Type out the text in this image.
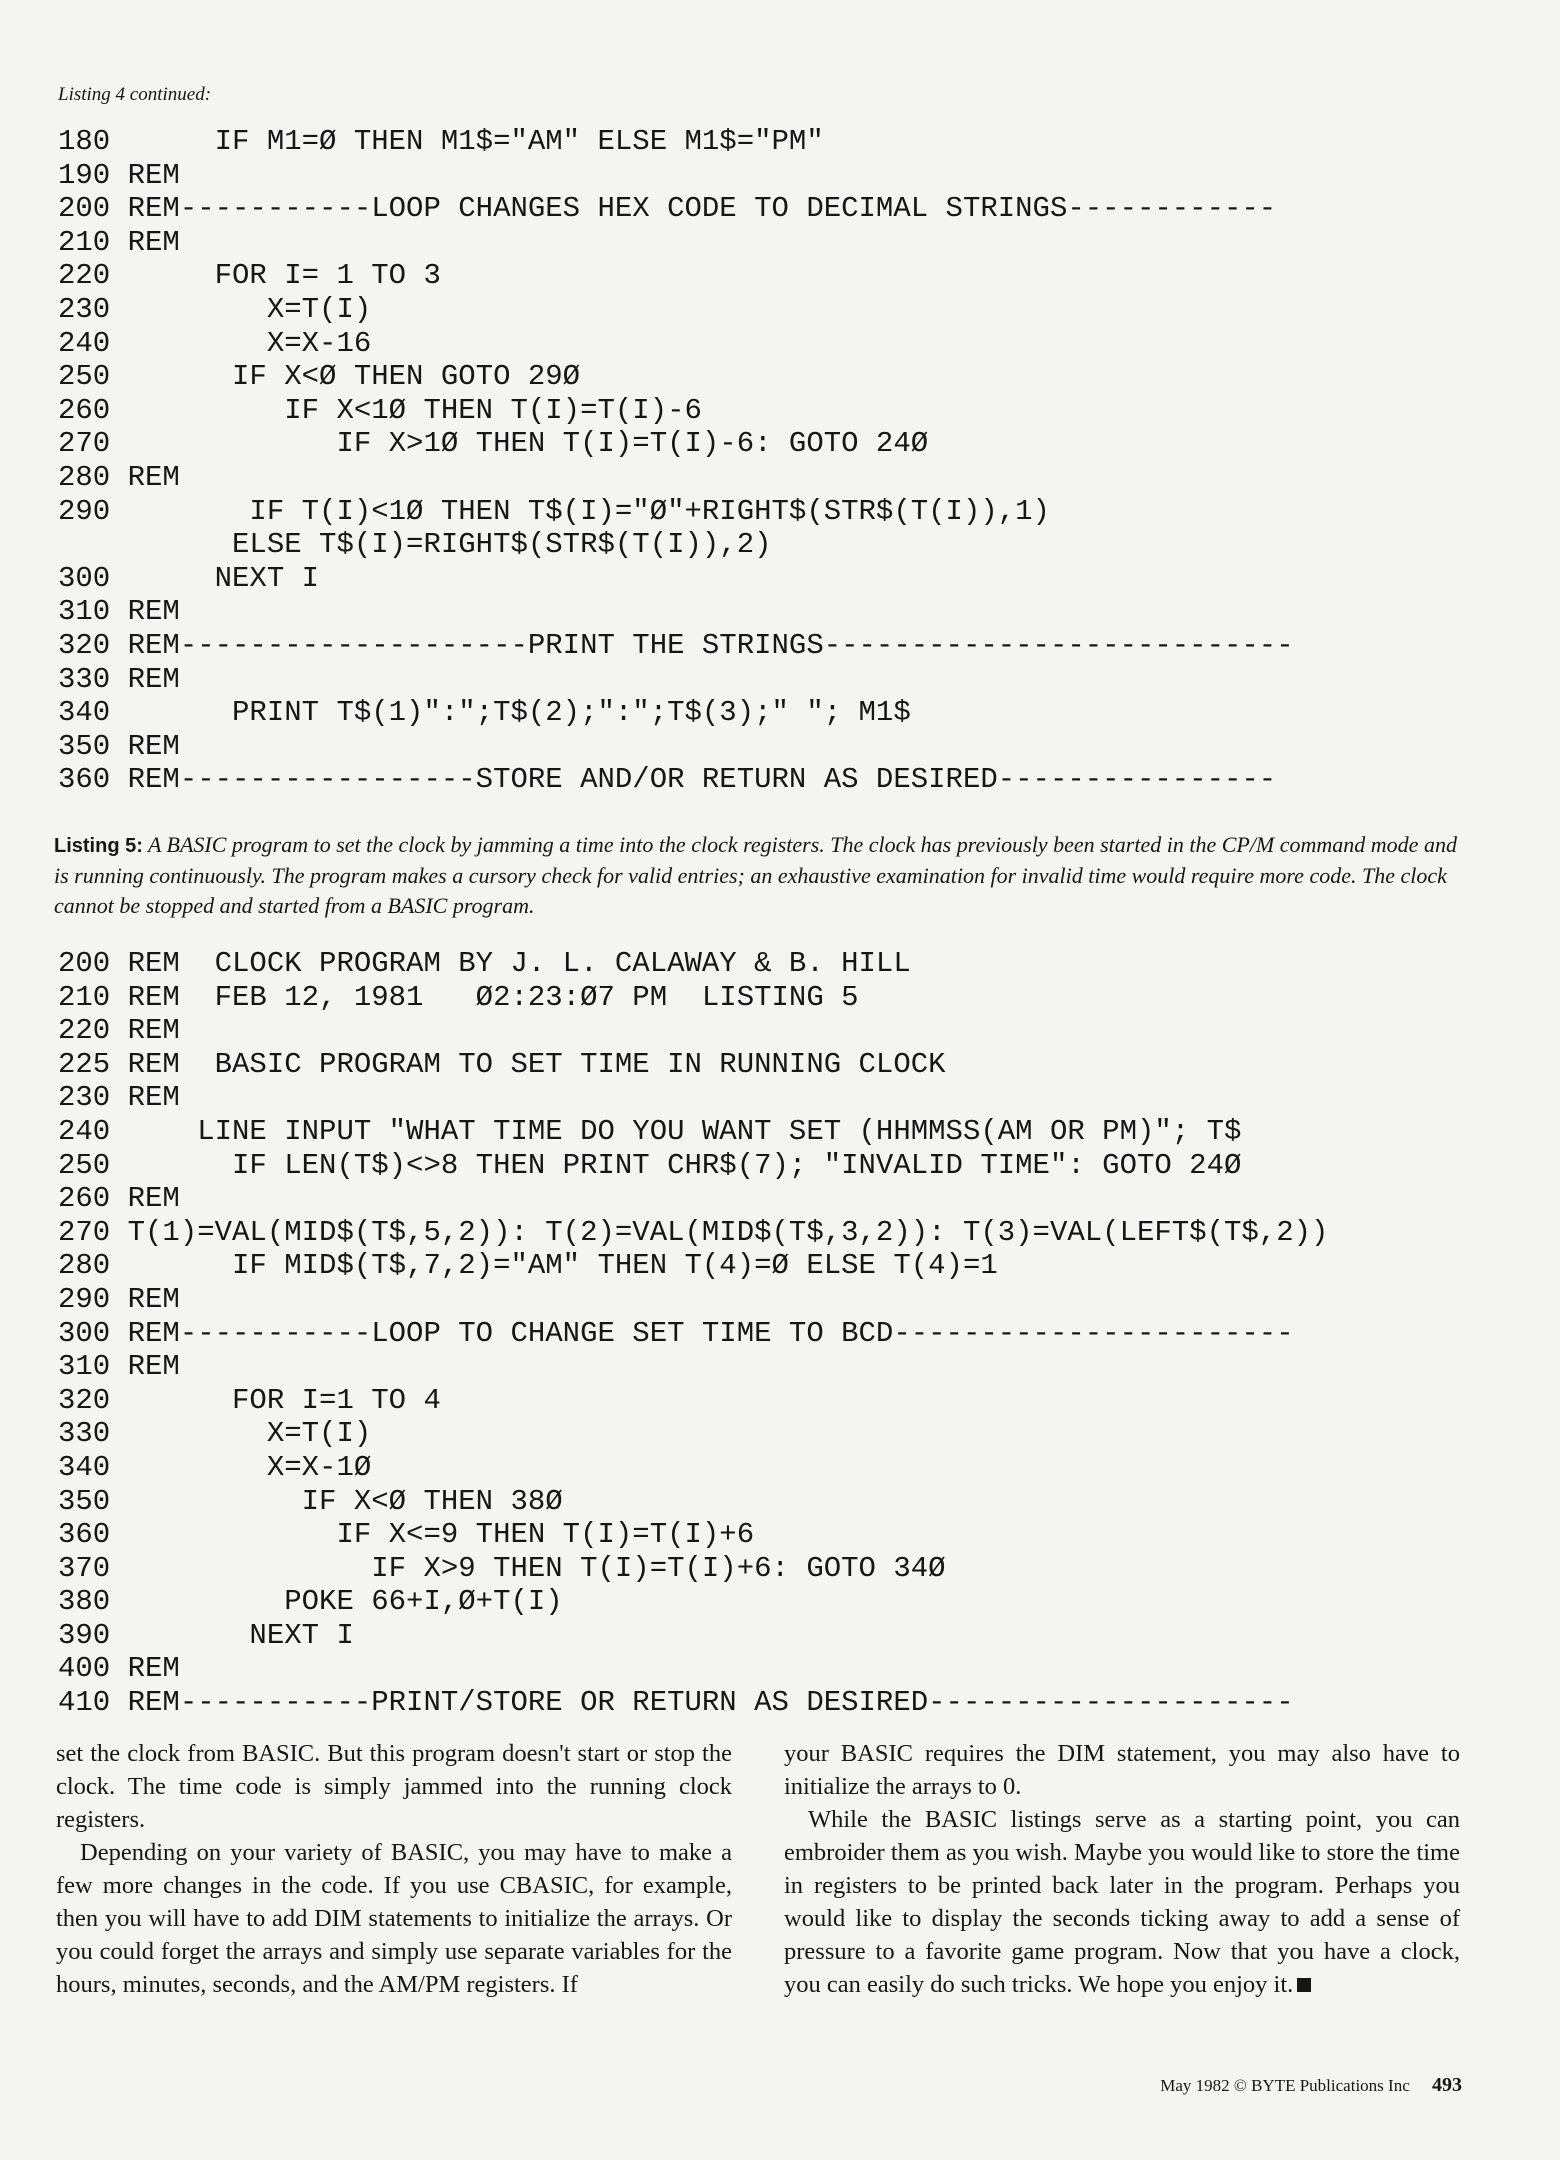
Listing 4 continued:
180      IF M1=Ø THEN M1$="AM" ELSE M1$="PM"
190 REM
200 REM-----------LOOP CHANGES HEX CODE TO DECIMAL STRINGS------------
210 REM
220      FOR I= 1 TO 3
230         X=T(I)
240         X=X-16
250       IF X<Ø THEN GOTO 29Ø
260          IF X<1Ø THEN T(I)=T(I)-6
270             IF X>1Ø THEN T(I)=T(I)-6: GOTO 24Ø
280 REM
290        IF T(I)<1Ø THEN T$(I)="Ø"+RIGHT$(STR$(T(I)),1)
ELSE T$(I)=RIGHT$(STR$(T(I)),2)
300      NEXT I
310 REM
320 REM--------------------PRINT THE STRINGS---------------------------
330 REM
340       PRINT T$(1)":";T$(2);":";T$(3);" "; M1$
350 REM
360 REM-----------------STORE AND/OR RETURN AS DESIRED----------------
Listing 5: A BASIC program to set the clock by jamming a time into the clock registers. The clock has previously been started in the CP/M command mode and is running continuously. The program makes a cursory check for valid entries; an exhaustive examination for invalid time would require more code. The clock cannot be stopped and started from a BASIC program.
200 REM  CLOCK PROGRAM BY J. L. CALAWAY & B. HILL
210 REM  FEB 12, 1981   Ø2:23:Ø7 PM  LISTING 5
220 REM
225 REM  BASIC PROGRAM TO SET TIME IN RUNNING CLOCK
230 REM
240     LINE INPUT "WHAT TIME DO YOU WANT SET (HHMMSS(AM OR PM)"; T$
250       IF LEN(T$)<>8 THEN PRINT CHR$(7); "INVALID TIME": GOTO 24Ø
260 REM
270 T(1)=VAL(MID$(T$,5,2)): T(2)=VAL(MID$(T$,3,2)): T(3)=VAL(LEFT$(T$,2))
280       IF MID$(T$,7,2)="AM" THEN T(4)=Ø ELSE T(4)=1
290 REM
300 REM-----------LOOP TO CHANGE SET TIME TO BCD-----------------------
310 REM
320       FOR I=1 TO 4
330         X=T(I)
340         X=X-1Ø
350           IF X<Ø THEN 38Ø
360             IF X<=9 THEN T(I)=T(I)+6
370               IF X>9 THEN T(I)=T(I)+6: GOTO 34Ø
380          POKE 66+I,Ø+T(I)
390        NEXT I
400 REM
410 REM-----------PRINT/STORE OR RETURN AS DESIRED---------------------

set the clock from BASIC. But this program doesn't start or stop the clock. The time code is simply jammed into the running clock registers.

Depending on your variety of BASIC, you may have to make a few more changes in the code. If you use CBASIC, for example, then you will have to add DIM statements to initialize the arrays. Or you could forget the arrays and simply use separate variables for the hours, minutes, seconds, and the AM/PM registers. If

your BASIC requires the DIM statement, you may also have to initialize the arrays to 0.

While the BASIC listings serve as a starting point, you can embroider them as you wish. Maybe you would like to store the time in registers to be printed back later in the program. Perhaps you would like to display the seconds ticking away to add a sense of pressure to a favorite game program. Now that you have a clock, you can easily do such tricks. We hope you enjoy it.

May 1982 © BYTE Publications Inc 493
